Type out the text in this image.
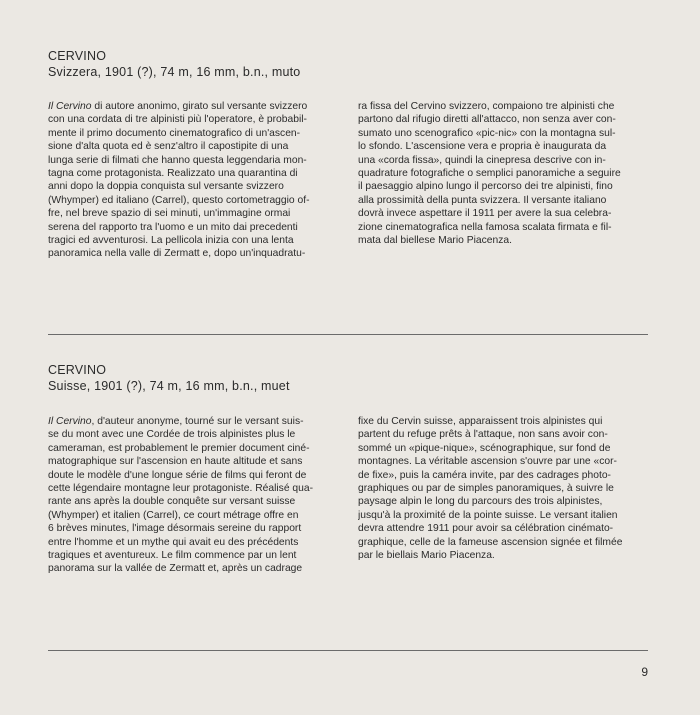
CERVINO
Svizzera, 1901 (?), 74 m, 16 mm, b.n., muto
Il Cervino di autore anonimo, girato sul versante svizzero
con una cordata di tre alpinisti più l'operatore, è probabil-
mente il primo documento cinematografico di un'ascen-
sione d'alta quota ed è senz'altro il capostipite di una
lunga serie di filmati che hanno questa leggendaria mon-
tagna come protagonista. Realizzato una quarantina di
anni dopo la doppia conquista sul versante svizzero
(Whymper) ed italiano (Carrel), questo cortometraggio of-
fre, nel breve spazio di sei minuti, un'immagine ormai
serena del rapporto tra l'uomo e un mito dai precedenti
tragici ed avventurosi. La pellicola inizia con una lenta
panoramica nella valle di Zermatt e, dopo un'inquadratu-
ra fissa del Cervino svizzero, compaiono tre alpinisti che
partono dal rifugio diretti all'attacco, non senza aver con-
sumato uno scenografico «pic-nic» con la montagna sul-
lo sfondo. L'ascensione vera e propria è inaugurata da
una «corda fissa», quindi la cinepresa descrive con in-
quadrature fotografiche o semplici panoramiche a seguire
il paesaggio alpino lungo il percorso dei tre alpinisti, fino
alla prossimità della punta svizzera. Il versante italiano
dovrà invece aspettare il 1911 per avere la sua celebra-
zione cinematografica nella famosa scalata firmata e fil-
mata dal biellese Mario Piacenza.
CERVINO
Suisse, 1901 (?), 74 m, 16 mm, b.n., muet
Il Cervino, d'auteur anonyme, tourné sur le versant suis-
se du mont avec une Cordée de trois alpinistes plus le
cameraman, est probablement le premier document ciné-
matographique sur l'ascension en haute altitude et sans
doute le modèle d'une longue série de films qui feront de
cette légendaire montagne leur protagoniste. Réalisé qua-
rante ans après la double conquête sur versant suisse
(Whymper) et italien (Carrel), ce court métrage offre en
6 brèves minutes, l'image désormais sereine du rapport
entre l'homme et un mythe qui avait eu des précédents
tragiques et aventureux. Le film commence par un lent
panorama sur la vallée de Zermatt et, après un cadrage
fixe du Cervin suisse, apparaissent trois alpinistes qui
partent du refuge prêts à l'attaque, non sans avoir con-
sommé un «pique-nique», scénographique, sur fond de
montagnes. La véritable ascension s'ouvre par une «cor-
de fixe», puis la caméra invite, par des cadrages photo-
graphiques ou par de simples panoramiques, à suivre le
paysage alpin le long du parcours des trois alpinistes,
jusqu'à la proximité de la pointe suisse. Le versant italien
devra attendre 1911 pour avoir sa célébration cinémato-
graphique, celle de la fameuse ascension signée et filmée
par le biellais Mario Piacenza.
9
